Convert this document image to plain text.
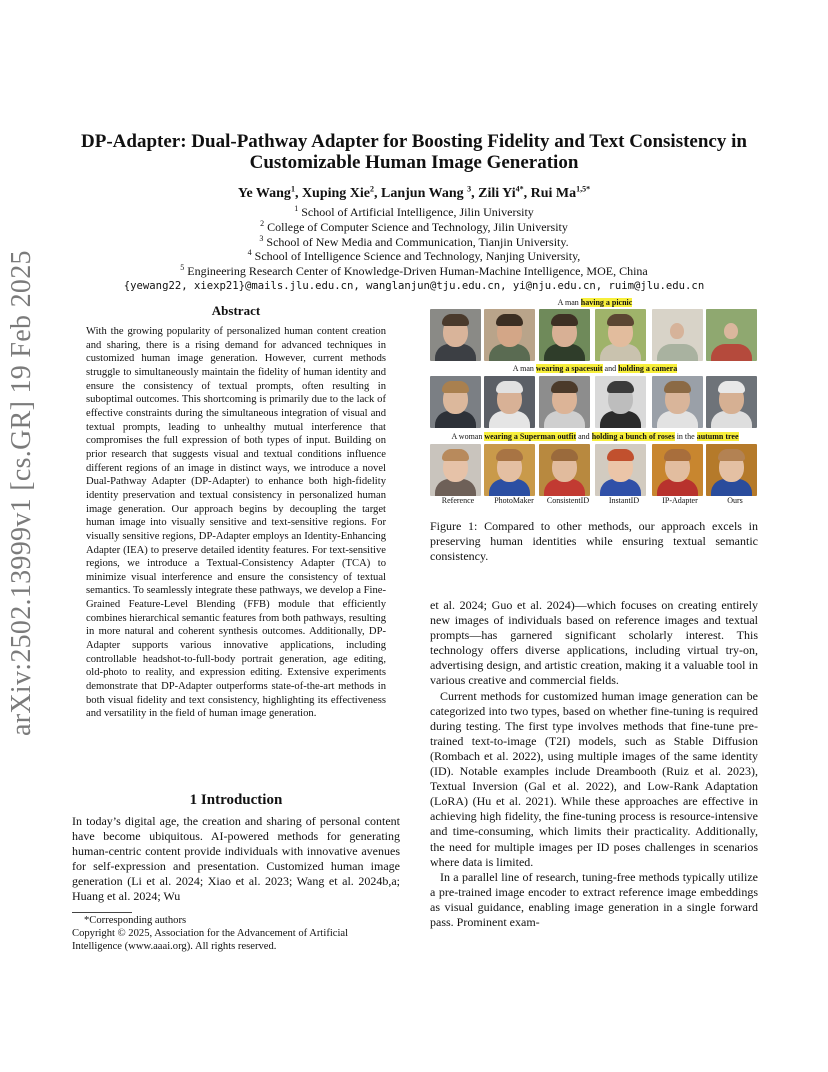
arXiv:2502.13999v1 [cs.GR] 19 Feb 2025
DP-Adapter: Dual-Pathway Adapter for Boosting Fidelity and Text Consistency in Customizable Human Image Generation
Ye Wang$^1$, Xuping Xie$^2$, Lanjun Wang $^3$, Zili $Yi^{4*}$, Rui $Ma^{1,5*}$
$^1$ School of Artificial Intelligence, Jilin University
$^2$ College of Computer Science and Technology, Jilin University
$^3$ School of New Media and Communication, Tianjin University.
$^4$ School of Intelligence Science and Technology, Nanjing University,
$^5$ Engineering Research Center of Knowledge-Driven Human-Machine Intelligence, MOE, China
{yewang22, xiexp21}@mails.jlu.edu.cn, wanglanjun@tju.edu.cn, yi@nju.edu.cn, ruim@jlu.edu.cn
Abstract
With the growing popularity of personalized human content creation and sharing, there is a rising demand for advanced techniques in customized human image generation. However, current methods struggle to simultaneously maintain the fidelity of human identity and ensure the consistency of textual prompts, often resulting in suboptimal outcomes. This shortcoming is primarily due to the lack of effective constraints during the simultaneous integration of visual and textual prompts, leading to unhealthy mutual interference that compromises the full expression of both types of input. Building on prior research that suggests visual and textual conditions influence different regions of an image in distinct ways, we introduce a novel Dual-Pathway Adapter (DP-Adapter) to enhance both high-fidelity identity preservation and textual consistency in personalized human image generation. Our approach begins by decoupling the target human image into visually sensitive and text-sensitive regions. For visually sensitive regions, DP-Adapter employs an Identity-Enhancing Adapter (IEA) to preserve detailed identity features. For text-sensitive regions, we introduce a Textual-Consistency Adapter (TCA) to minimize visual interference and ensure the consistency of textual semantics. To seamlessly integrate these pathways, we develop a Fine-Grained Feature-Level Blending (FFB) module that efficiently combines hierarchical semantic features from both pathways, resulting in more natural and coherent synthesis outcomes. Additionally, DP-Adapter supports various innovative applications, including controllable headshot-to-full-body portrait generation, age editing, old-photo to reality, and expression editing. Extensive experiments demonstrate that DP-Adapter outperforms state-of-the-art methods in both visual fidelity and text consistency, highlighting its effectiveness and versatility in the field of human image generation.
1 Introduction
In today’s digital age, the creation and sharing of personal content have become ubiquitous. AI-powered methods for generating human-centric content provide individuals with innovative avenues for self-expression and presentation. Customized human image generation (Li et al. 2024; Xiao et al. 2023; Wang et al. 2024b,a; Huang et al. 2024; Wu
*Corresponding authors
Copyright © 2025, Association for the Advancement of Artificial Intelligence (www.aaai.org). All rights reserved.
A man having a picnic
A man wearing a spacesuit and holding a camera
A woman wearing a Superman outfit and holding a bunch of roses in the autumn tree
Reference	PhotoMaker	ConsistentID	InstantID	IP-Adapter	Ours
Figure 1: Compared to other methods, our approach excels in preserving human identities while ensuring textual semantic consistency.

et al. 2024; Guo et al. 2024)—which focuses on creating entirely new images of individuals based on reference images and textual prompts—has garnered significant scholarly interest. This technology offers diverse applications, including virtual try-on, advertising design, and artistic creation, making it a valuable tool in various creative and commercial fields.

Current methods for customized human image generation can be categorized into two types, based on whether fine-tuning is required during testing. The first type involves methods that fine-tune pre-trained text-to-image (T2I) models, such as Stable Diffusion (Rombach et al. 2022), using multiple images of the same identity (ID). Notable examples include Dreambooth (Ruiz et al. 2023), Textual Inversion (Gal et al. 2022), and Low-Rank Adaptation (LoRA) (Hu et al. 2021). While these approaches are effective in achieving high fidelity, the fine-tuning process is resource-intensive and time-consuming, which limits their practicality. Additionally, the need for multiple images per ID poses challenges in scenarios where data is limited.

In a parallel line of research, tuning-free methods typically utilize a pre-trained image encoder to extract reference image embeddings as visual guidance, enabling image generation in a single forward pass. Prominent exam-
